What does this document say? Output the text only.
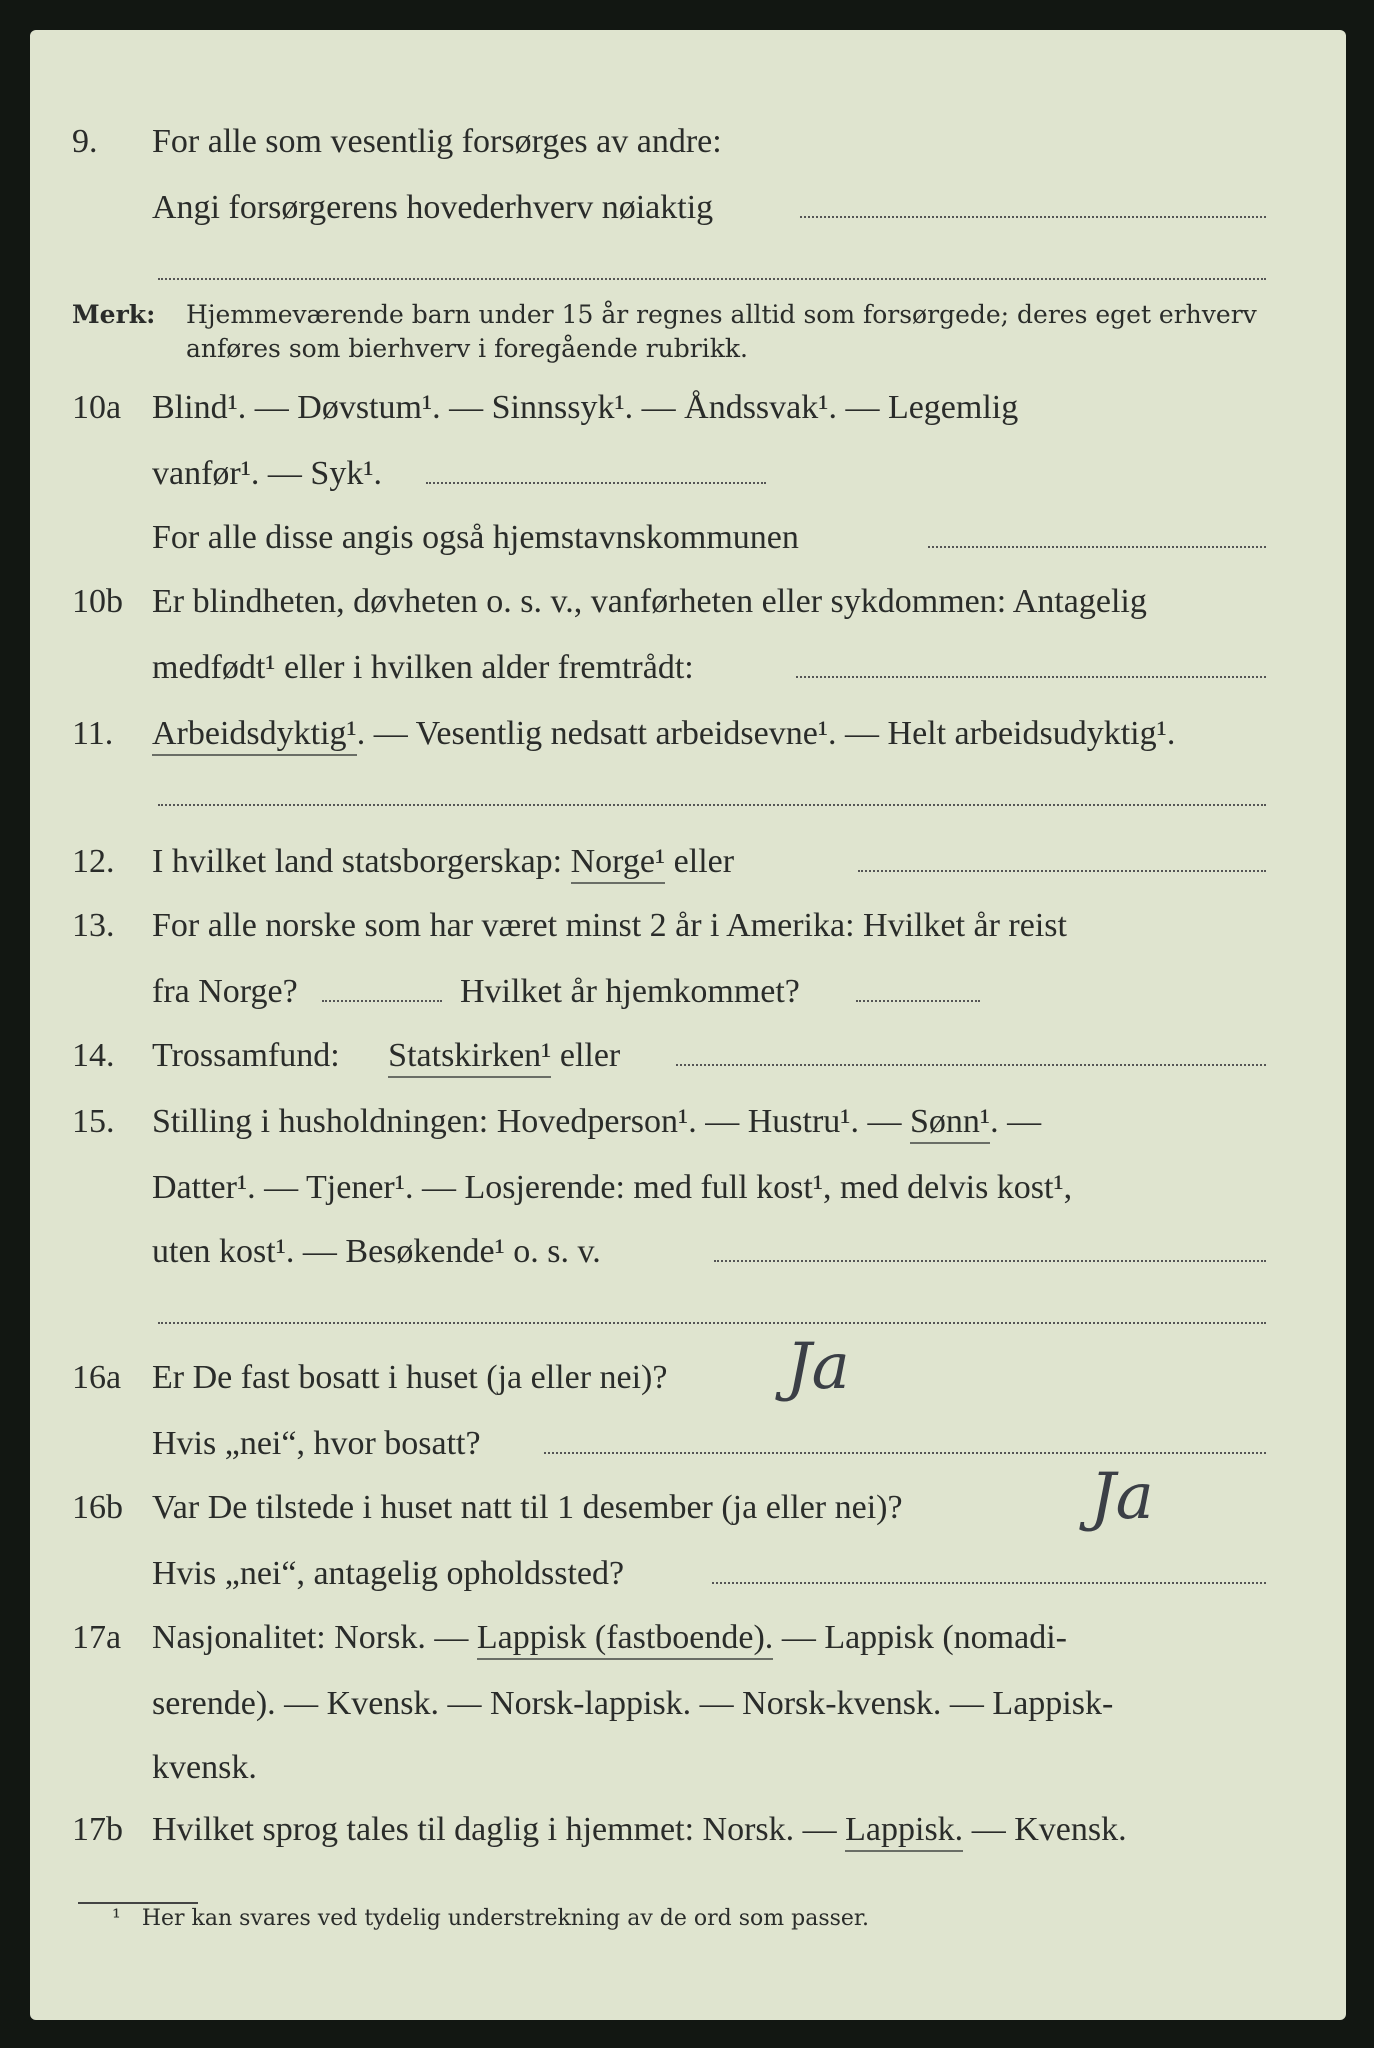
9. For alle som vesentlig forsørges av andre:
Angi forsørgerens hovederhverv nøiaktig
Merk: Hjemmeværende barn under 15 år regnes alltid som forsørgede; deres eget erhverv
anføres som bierhverv i foregående rubrikk.
10a Blind¹. — Døvstum¹. — Sinnssyk¹. — Åndssvak¹. — Legemlig
vanfør¹. — Syk¹.
For alle disse angis også hjemstavnskommunen
10b Er blindheten, døvheten o. s. v., vanførheten eller sykdommen: Antagelig
medfødt¹ eller i hvilken alder fremtrådt:
11. Arbeidsdyktig¹. — Vesentlig nedsatt arbeidsevne¹. — Helt arbeidsudyktig¹.
12. I hvilket land statsborgerskap: Norge¹ eller
13. For alle norske som har været minst 2 år i Amerika: Hvilket år reist
fra Norge?	Hvilket år hjemkommet?
14. Trossamfund: Statskirken¹ eller
15. Stilling i husholdningen: Hovedperson¹. — Hustru¹. — Sønn¹. —
Datter¹. — Tjener¹. — Losjerende: med full kost¹, med delvis kost¹,
uten kost¹. — Besøkende¹ o. s. v.
16a Er De fast bosatt i huset (ja eller nei)? Ja
Hvis „nei“, hvor bosatt?
16b Var De tilstede i huset natt til 1 desember (ja eller nei)?	Ja
Hvis „nei“, antagelig opholdssted?
17a Nasjonalitet: Norsk. — Lappisk (fastboende). — Lappisk (nomadi-
serende). — Kvensk. — Norsk-lappisk. — Norsk-kvensk. — Lappisk-
kvensk.
17b Hvilket sprog tales til daglig i hjemmet: Norsk. — Lappisk. — Kvensk.
¹ Her kan svares ved tydelig understrekning av de ord som passer.
